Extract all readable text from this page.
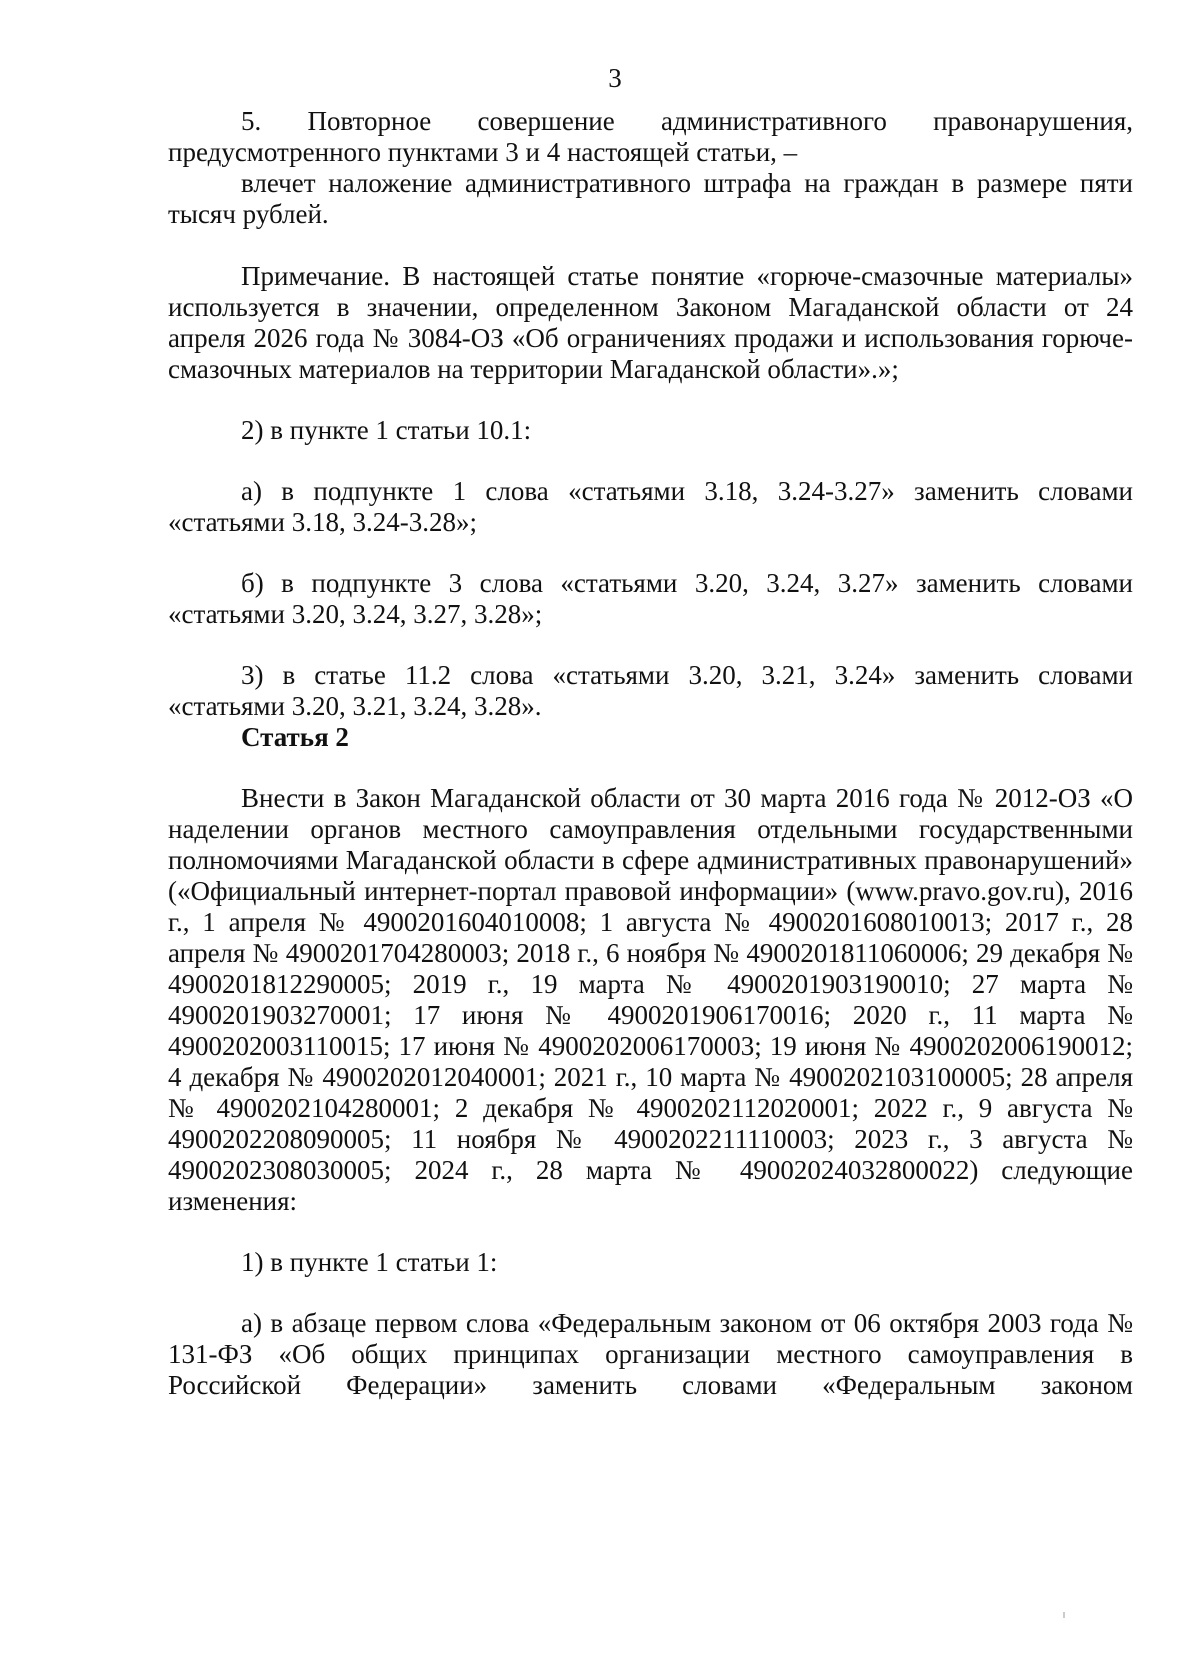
3

5. Повторное совершение административного правонарушения, предусмотренного пунктами 3 и 4 настоящей статьи, –

влечет наложение административного штрафа на граждан в размере пяти тысяч рублей.

Примечание. В настоящей статье понятие «горюче-смазочные материалы» используется в значении, определенном Законом Магаданской области от 24 апреля 2026 года № 3084-ОЗ «Об ограничениях продажи и использования горюче-смазочных материалов на территории Магаданской области».»;

2) в пункте 1 статьи 10.1:

а) в подпункте 1 слова «статьями 3.18, 3.24-3.27» заменить словами «статьями 3.18, 3.24-3.28»;

б) в подпункте 3 слова «статьями 3.20, 3.24, 3.27» заменить словами «статьями 3.20, 3.24, 3.27, 3.28»;

3) в статье 11.2 слова «статьями 3.20, 3.21, 3.24» заменить словами «статьями 3.20, 3.21, 3.24, 3.28».

Статья 2

Внести в Закон Магаданской области от 30 марта 2016 года № 2012-ОЗ «О наделении органов местного самоуправления отдельными государственными полномочиями Магаданской области в сфере административных правонарушений» («Официальный интернет-портал правовой информации» (www.pravo.gov.ru), 2016 г., 1 апреля № 4900201604010008; 1 августа № 4900201608010013; 2017 г., 28 апреля № 4900201704280003; 2018 г., 6 ноября № 4900201811060006; 29 декабря № 4900201812290005; 2019 г., 19 марта № 4900201903190010; 27 марта № 4900201903270001; 17 июня № 4900201906170016; 2020 г., 11 марта № 4900202003110015; 17 июня № 4900202006170003; 19 июня № 4900202006190012; 4 декабря № 4900202012040001; 2021 г., 10 марта № 4900202103100005; 28 апреля № 4900202104280001; 2 декабря № 4900202112020001; 2022 г., 9 августа № 4900202208090005; 11 ноября № 4900202211110003; 2023 г., 3 августа № 4900202308030005; 2024 г., 28 марта № 49002024032800022) следующие изменения:

1) в пункте 1 статьи 1:

а) в абзаце первом слова «Федеральным законом от 06 октября 2003 года № 131-ФЗ «Об общих принципах организации местного самоуправления в Российской Федерации» заменить словами «Федеральным законом
